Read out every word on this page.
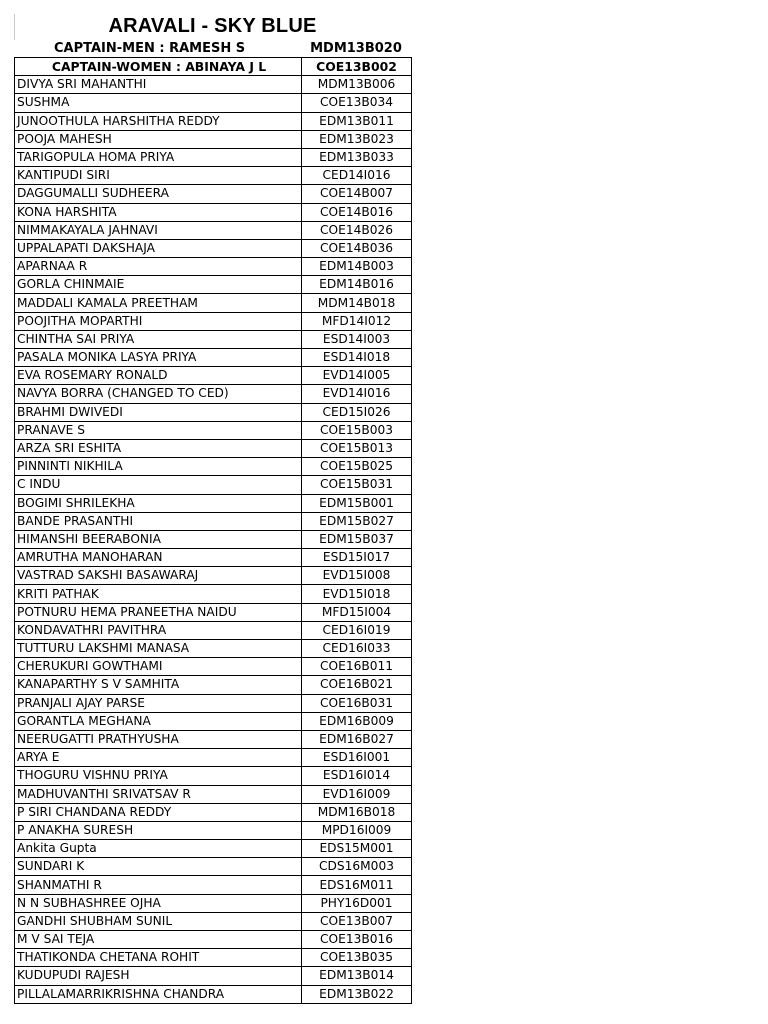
ARAVALI - SKY BLUE
CAPTAIN-MEN : RAMESH S	MDM13B020
CAPTAIN-WOMEN : ABINAYA J L	COE13B002
DIVYA SRI MAHANTHI	MDM13B006
SUSHMA	COE13B034
JUNOOTHULA HARSHITHA REDDY	EDM13B011
POOJA MAHESH	EDM13B023
TARIGOPULA HOMA PRIYA	EDM13B033
KANTIPUDI SIRI	CED14I016
DAGGUMALLI SUDHEERA	COE14B007
KONA HARSHITA	COE14B016
NIMMAKAYALA JAHNAVI	COE14B026
UPPALAPATI DAKSHAJA	COE14B036
APARNAA R	EDM14B003
GORLA CHINMAIE	EDM14B016
MADDALI KAMALA PREETHAM	MDM14B018
POOJITHA MOPARTHI	MFD14I012
CHINTHA SAI PRIYA	ESD14I003
PASALA MONIKA LASYA PRIYA	ESD14I018
EVA ROSEMARY RONALD	EVD14I005
NAVYA BORRA (CHANGED TO CED)	EVD14I016
BRAHMI DWIVEDI	CED15I026
PRANAVE S	COE15B003
ARZA SRI ESHITA	COE15B013
PINNINTI NIKHILA	COE15B025
C INDU	COE15B031
BOGIMI SHRILEKHA	EDM15B001
BANDE PRASANTHI	EDM15B027
HIMANSHI BEERABONIA	EDM15B037
AMRUTHA MANOHARAN	ESD15I017
VASTRAD SAKSHI BASAWARAJ	EVD15I008
KRITI PATHAK	EVD15I018
POTNURU HEMA PRANEETHA NAIDU	MFD15I004
KONDAVATHRI PAVITHRA	CED16I019
TUTTURU LAKSHMI MANASA	CED16I033
CHERUKURI GOWTHAMI	COE16B011
KANAPARTHY S V SAMHITA	COE16B021
PRANJALI AJAY PARSE	COE16B031
GORANTLA MEGHANA	EDM16B009
NEERUGATTI PRATHYUSHA	EDM16B027
ARYA E	ESD16I001
THOGURU VISHNU PRIYA	ESD16I014
MADHUVANTHI SRIVATSAV R	EVD16I009
P SIRI CHANDANA REDDY	MDM16B018
P ANAKHA SURESH	MPD16I009
Ankita Gupta	EDS15M001
SUNDARI K	CDS16M003
SHANMATHI R	EDS16M011
N N SUBHASHREE OJHA	PHY16D001
GANDHI SHUBHAM SUNIL	COE13B007
M V SAI TEJA	COE13B016
THATIKONDA CHETANA ROHIT	COE13B035
KUDUPUDI RAJESH	EDM13B014
PILLALAMARRIKRISHNA CHANDRA	EDM13B022
